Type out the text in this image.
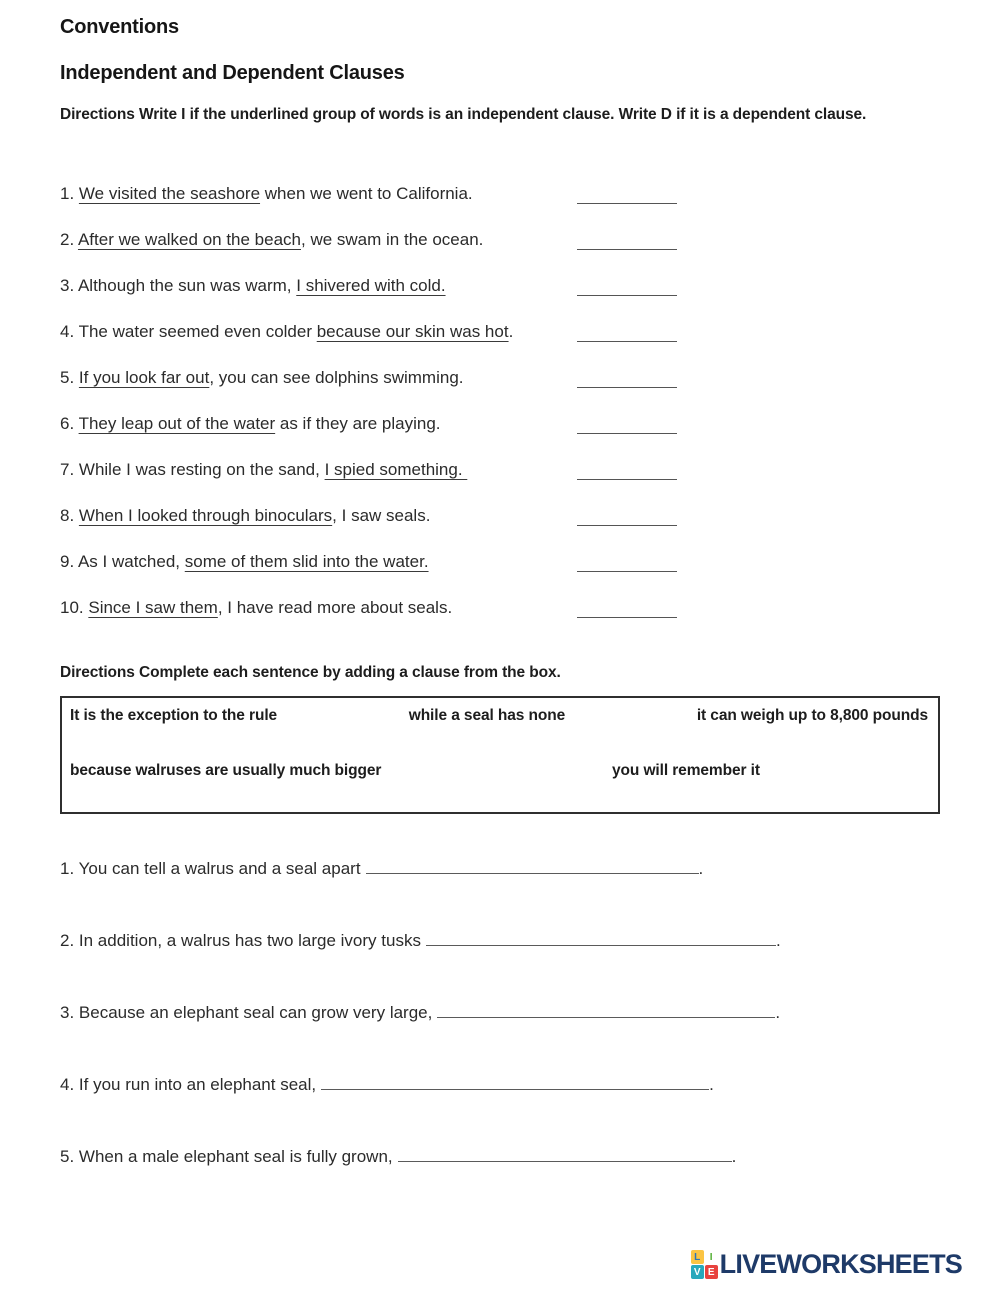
Conventions
Independent and Dependent Clauses

Directions Write I if the underlined group of words is an independent clause. Write D if it is a dependent clause.

1. We visited the seashore when we went to California.
2. After we walked on the beach, we swam in the ocean.
3. Although the sun was warm, I shivered with cold.
4. The water seemed even colder because our skin was hot.
5. If you look far out, you can see dolphins swimming.
6. They leap out of the water as if they are playing.
7. While I was resting on the sand, I spied something.
8. When I looked through binoculars, I saw seals.
9. As I watched, some of them slid into the water.
10. Since I saw them, I have read more about seals.

Directions Complete each sentence by adding a clause from the box.

It is the exception to the rule	while a seal has none	it can weigh up to 8,800 pounds
because walruses are usually much bigger	you will remember it
1. You can tell a walrus and a seal apart	.
2. In addition, a walrus has two large ivory tusks	.
3. Because an elephant seal can grow very large,	.
4. If you run into an elephant seal,	.
5. When a male elephant seal is fully grown,	.
L I
V E LIVEWORKSHEETS
